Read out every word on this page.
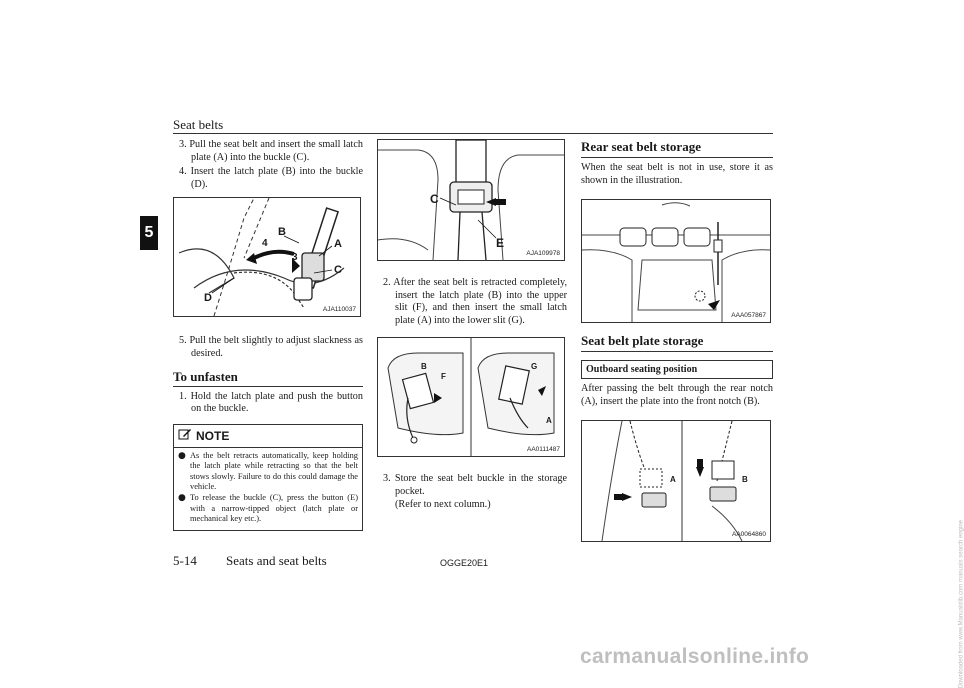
Seat belts
5

3. Pull the seat belt and insert the small latch plate (A) into the buckle (C).

4. Insert the latch plate (B) into the buckle (D).

B
4
3
A
C
D
AJA110037

5. Pull the belt slightly to adjust slackness as desired.

To unfasten

1. Hold the latch plate and push the button on the buckle.

NOTE

● As the belt retracts automatically, keep holding the latch plate while retracting so that the belt stows slowly. Failure to do this could damage the vehicle.

● To release the buckle (C), press the button (E) with a narrow-tipped object (latch plate or mechanical key etc.).

C
E
AJA109978

2. After the seat belt is retracted completely, insert the latch plate (B) into the upper slit (F), and then insert the small latch plate (A) into the lower slit (G).

B
F
G
A
AA0111487

3. Store the seat belt buckle in the storage pocket.

(Refer to next column.)

Rear seat belt storage

When the seat belt is not in use, store it as shown in the illustration.

AAA057867
Seat belt plate storage
Outboard seating position

After passing the belt through the rear notch (A), insert the plate into the front notch (B).

A	B
AA0064860
5-14 Seats and seat belts	OGGE20E1
carmanualsonline.info	Downloaded from www.Manualslib.com manuals search engine
